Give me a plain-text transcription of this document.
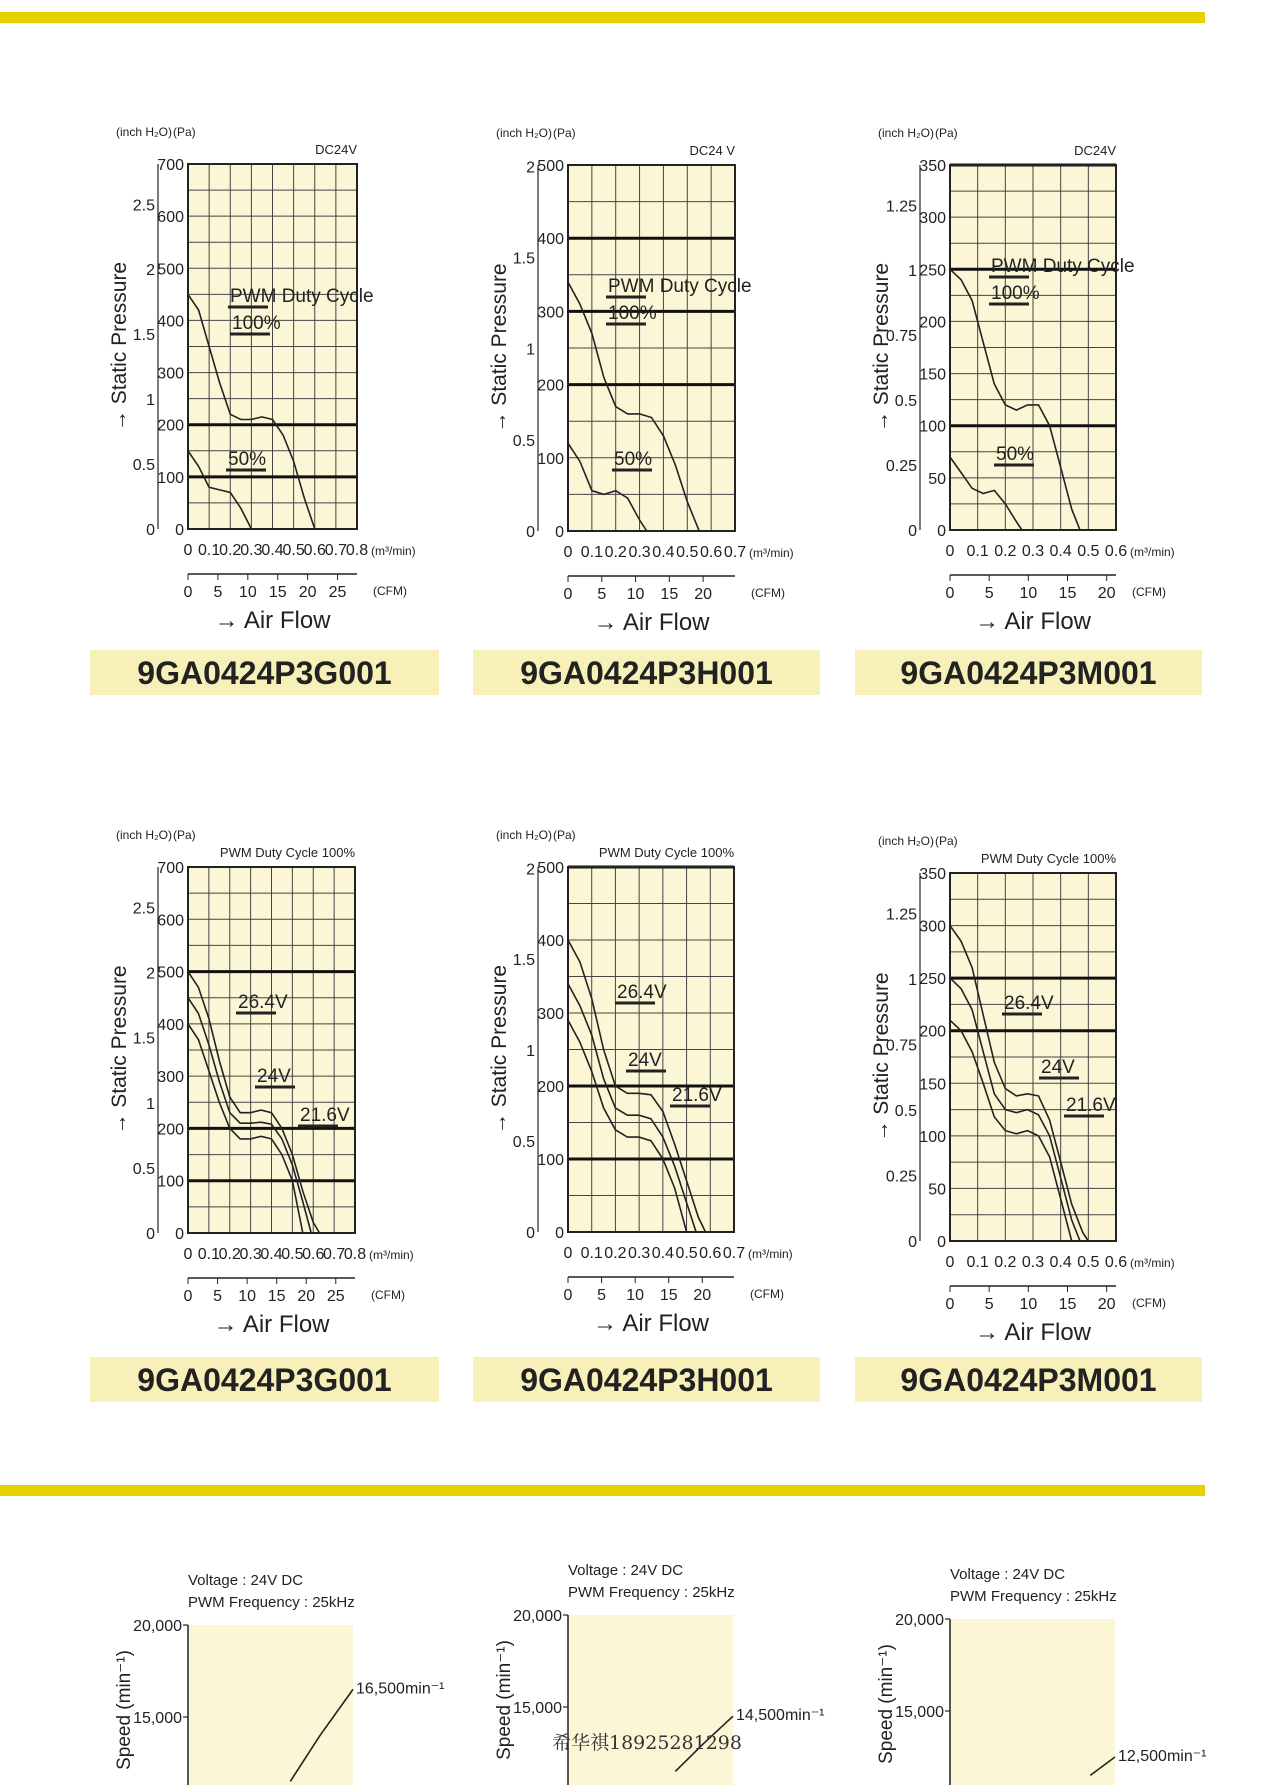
0
100
200
300
400
500
600
700
0
0.5
1
1.5
2
2.5
(inch H₂O) (Pa)
DC24V
→ Static Pressure
0 0.1
0.2
0.3
0.4
0.5
0.6
0.7
0.8 (m³/min)
0 5 10 15 20 25 (CFM)
→ Air Flow
PWM Duty Cycle
100%
50%
9GA0424P3G001
0
100
200
300
400
500
0
0.5
1
1.5
2
(inch H₂O) (Pa)
DC24 V
→ Static Pressure
0 0.1 0.2 0.3 0.4 0.5 0.6 0.7 (m³/min)
0 5 10 15 20	(CFM)
→ Air Flow
PWM Duty Cycle
100%
50%
9GA0424P3H001
0
50
100
150
200
250
300
350
0
0.25
0.5
0.75
1
1.25
(inch H₂O) (Pa)
DC24V
→ Static Pressure
0 0.1 0.2 0.3 0.4 0.5 0.6 (m³/min)
0 5 10 15 20 (CFM)
→ Air Flow
PWM Duty Cycle
100%
50%
9GA0424P3M001
0
100
200
300
400
500
600
700
0
0.5
1
1.5
2
2.5
(inch H₂O) (Pa)
PWM Duty Cycle 100%
→ Static Pressure
0 0.1
0.2
0.3
0.4
0.5
0.6
0.7
0.8 (m³/min)
0 5 10 15 20 25 (CFM)
→ Air Flow
26.4V
24V
21.6V
9GA0424P3G001
0
100
200
300
400
500
0
0.5
1
1.5
2
(inch H₂O) (Pa)
PWM Duty Cycle 100%
→ Static Pressure
0 0.1 0.2 0.3 0.4 0.5 0.6 0.7 (m³/min)
0 5 10 15 20	(CFM)
→ Air Flow
26.4V
24V
21.6V
9GA0424P3H001
0
50
100
150
200
250
300
350
0
0.25
0.5
0.75
1
1.25
(inch H₂O) (Pa)
PWM Duty Cycle 100%
→ Static Pressure
0 0.1 0.2 0.3 0.4 0.5 0.6 (m³/min)
0 5 10 15 20 (CFM)
→ Air Flow
26.4V
24V
21.6V
9GA0424P3M001
20,000
15,000
Speed (min⁻¹)
Voltage : 24V DC
PWM Frequency : 25kHz
16,500min⁻¹
20,000
15,000
Speed (min⁻¹)
Voltage : 24V DC
PWM Frequency : 25kHz
14,500min⁻¹
20,000
15,000
Speed (min⁻¹)
Voltage : 24V DC
PWM Frequency : 25kHz
12,500min⁻¹
希华祺18925281298
